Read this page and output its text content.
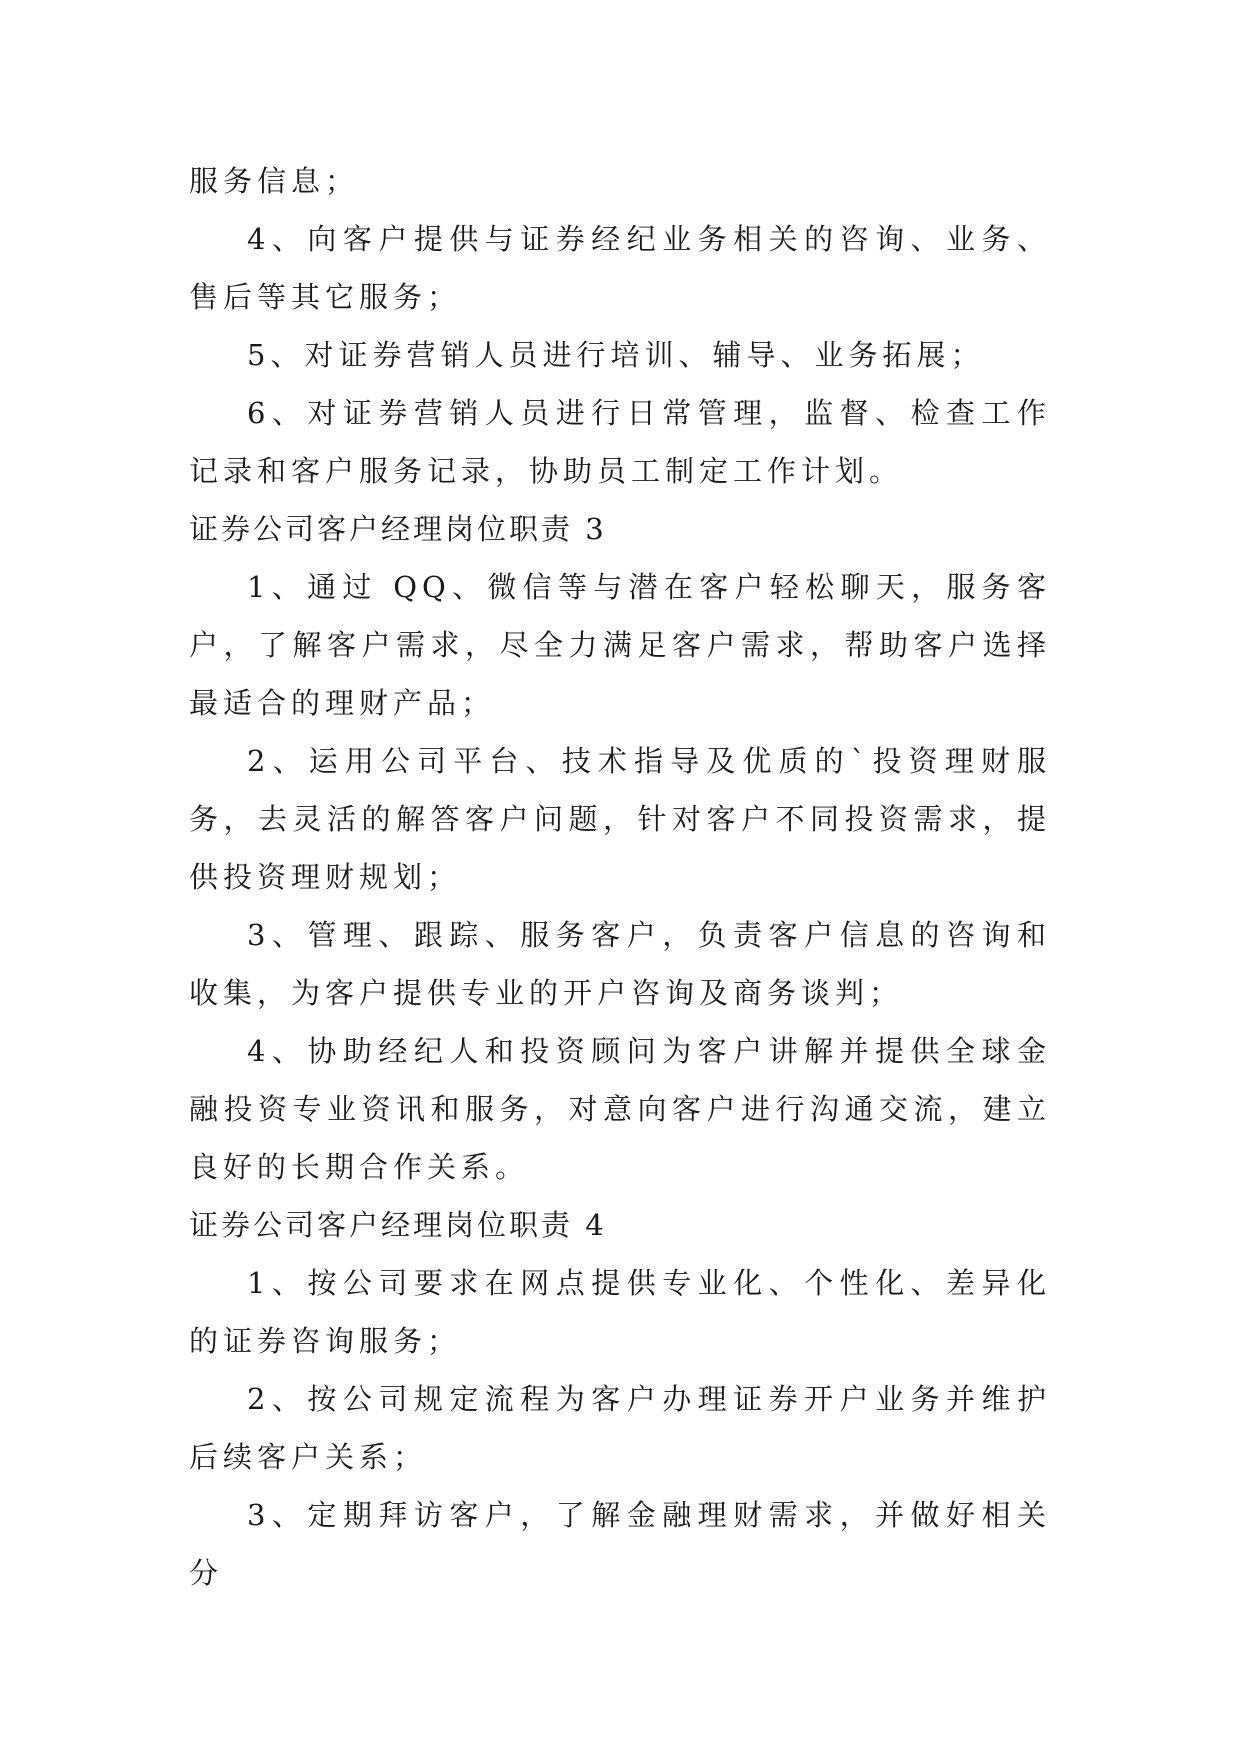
服务信息；

4、向客户提供与证券经纪业务相关的咨询、业务、售后等其它服务；

5、对证券营销人员进行培训、辅导、业务拓展；

6、对证券营销人员进行日常管理，监督、检查工作记录和客户服务记录，协助员工制定工作计划。

证券公司客户经理岗位职责 3

1、通过 QQ、微信等与潜在客户轻松聊天，服务客户，了解客户需求，尽全力满足客户需求，帮助客户选择最适合的理财产品；

2、运用公司平台、技术指导及优质的`投资理财服务，去灵活的解答客户问题，针对客户不同投资需求，提供投资理财规划；

3、管理、跟踪、服务客户，负责客户信息的咨询和收集，为客户提供专业的开户咨询及商务谈判；

4、协助经纪人和投资顾问为客户讲解并提供全球金融投资专业资讯和服务，对意向客户进行沟通交流，建立良好的长期合作关系。

证券公司客户经理岗位职责 4

1、按公司要求在网点提供专业化、个性化、差异化的证券咨询服务；

2、按公司规定流程为客户办理证券开户业务并维护后续客户关系；

3、定期拜访客户，了解金融理财需求，并做好相关分
